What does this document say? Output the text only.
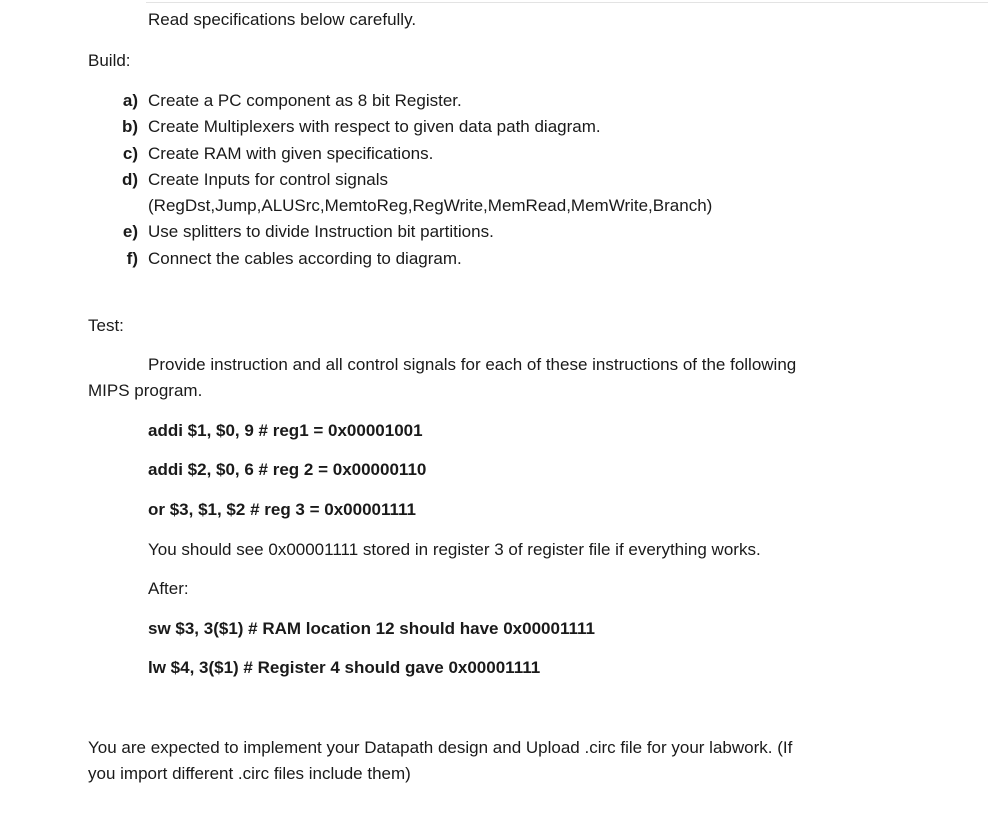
Read specifications below carefully.
Build:
a) Create a PC component as 8 bit Register.
b) Create Multiplexers with respect to given data path diagram.
c) Create RAM with given specifications.
d) Create Inputs for control signals
(RegDst,Jump,ALUSrc,MemtoReg,RegWrite,MemRead,MemWrite,Branch)
e) Use splitters to divide Instruction bit partitions.
f) Connect the cables according to diagram.
Test:
Provide instruction and all control signals for each of these instructions of the following
MIPS program.
addi $1, $0, 9 # reg1 = 0x00001001
addi $2, $0, 6 # reg 2 = 0x00000110
or $3, $1, $2 # reg 3 = 0x00001111
You should see 0x00001111 stored in register 3 of register file if everything works.
After:
sw $3, 3($1) # RAM location 12 should have 0x00001111
lw $4, 3($1) # Register 4 should gave 0x00001111
You are expected to implement your Datapath design and Upload .circ file for your labwork. (If
you import different .circ files include them)
